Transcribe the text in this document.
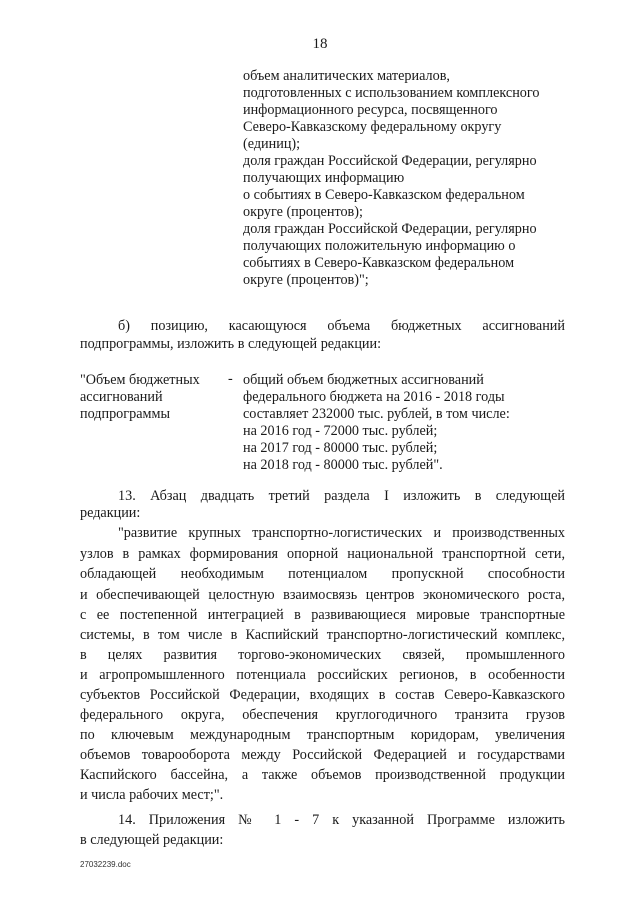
18
объем аналитических материалов,
подготовленных с использованием комплексного
информационного ресурса, посвященного
Северо-Кавказскому федеральному округу
(единиц);
доля граждан Российской Федерации, регулярно
получающих информацию
о событиях в Северо-Кавказском федеральном
округе (процентов);
доля граждан Российской Федерации, регулярно
получающих положительную информацию о
событиях в Северо-Кавказском федеральном
округе (процентов)";
б) позицию, касающуюся объема бюджетных ассигнований
подпрограммы, изложить в следующей редакции:
"Объем бюджетных
ассигнований
подпрограммы
- общий объем бюджетных ассигнований
федерального бюджета на 2016 - 2018 годы
составляет 232000 тыс. рублей, в том числе:
на 2016 год - 72000 тыс. рублей;
на 2017 год - 80000 тыс. рублей;
на 2018 год - 80000 тыс. рублей".
13. Абзац двадцать третий раздела I изложить в следующей
редакции:
"развитие крупных транспортно-логистических и производственных
узлов в рамках формирования опорной национальной транспортной сети,
обладающей необходимым потенциалом пропускной способности
и обеспечивающей целостную взаимосвязь центров экономического роста,
с ее постепенной интеграцией в развивающиеся мировые транспортные
системы, в том числе в Каспийский транспортно-логистический комплекс,
в целях развития торгово-экономических связей, промышленного
и агропромышленного потенциала российских регионов, в особенности
субъектов Российской Федерации, входящих в состав Северо-Кавказского
федерального округа, обеспечения круглогодичного транзита грузов
по ключевым международным транспортным коридорам, увеличения
объемов товарооборота между Российской Федерацией и государствами
Каспийского бассейна, а также объемов производственной продукции
и числа рабочих мест;".
14. Приложения № 1 - 7 к указанной Программе изложить
в следующей редакции:
27032239.doc
